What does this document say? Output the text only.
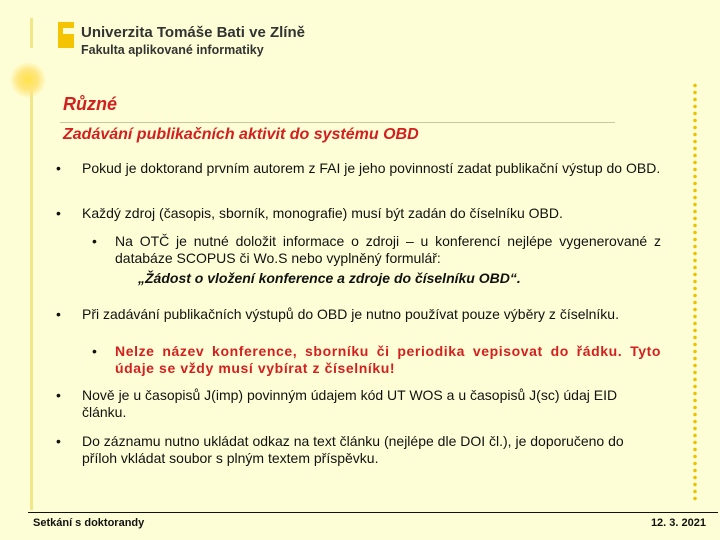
Univerzita Tomáše Bati ve Zlíně
Fakulta aplikované informatiky
Různé
Zadávání publikačních aktivit do systému OBD
• Pokud je doktorand prvním autorem z FAI je jeho povinností zadat publikační výstup do OBD.
• Každý zdroj (časopis, sborník, monografie) musí být zadán do číselníku OBD.
• Na OTČ je nutné doložit informace o zdroji – u konferencí nejlépe vygenerované z databáze SCOPUS či Wo.S nebo vyplněný formulář:
„Žádost o vložení konference a zdroje do číselníku OBD“.
• Při zadávání publikačních výstupů do OBD je nutno používat pouze výběry z číselníku.
• Nelze název konference, sborníku či periodika vepisovat do řádku. Tyto údaje se vždy musí vybírat z číselníku!
• Nově je u časopisů J(imp) povinným údajem kód UT WOS a u časopisů J(sc) údaj EID článku.
• Do záznamu nutno ukládat odkaz na text článku (nejlépe dle DOI čl.), je doporučeno do příloh vkládat soubor s plným textem příspěvku.
Setkání s doktorandy	12. 3. 2021
